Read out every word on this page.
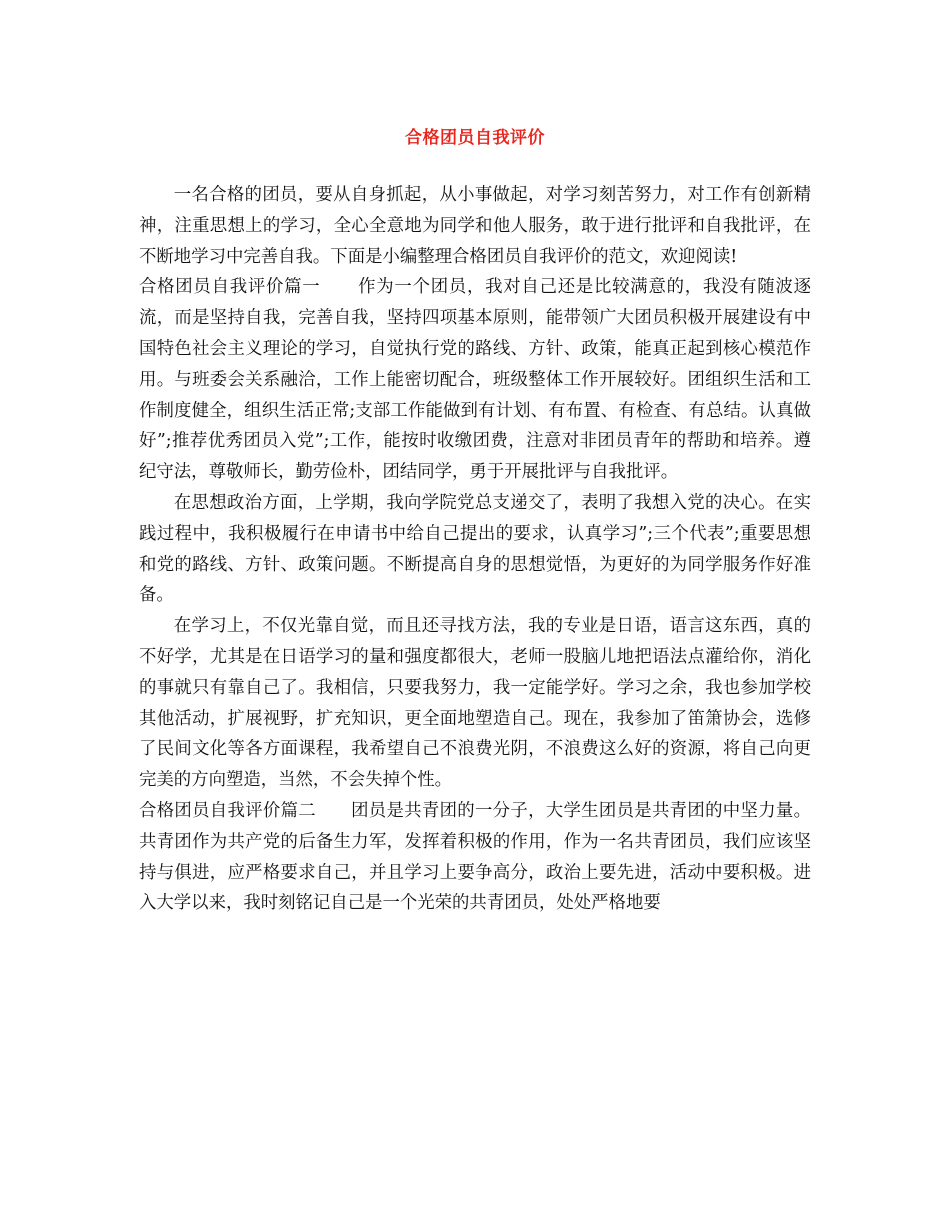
合格团员自我评价

一名合格的团员，要从自身抓起，从小事做起，对学习刻苦努力，对工作有创新精神，注重思想上的学习，全心全意地为同学和他人服务，敢于进行批评和自我批评，在不断地学习中完善自我。下面是小编整理合格团员自我评价的范文，欢迎阅读!

合格团员自我评价篇一 作为一个团员，我对自己还是比较满意的，我没有随波逐流，而是坚持自我，完善自我，坚持四项基本原则，能带领广大团员积极开展建设有中国特色社会主义理论的学习，自觉执行党的路线、方针、政策，能真正起到核心模范作用。与班委会关系融洽，工作上能密切配合，班级整体工作开展较好。团组织生活和工作制度健全，组织生活正常;支部工作能做到有计划、有布置、有检查、有总结。认真做好”;推荐优秀团员入党”;工作，能按时收缴团费，注意对非团员青年的帮助和培养。遵纪守法，尊敬师长，勤劳俭朴，团结同学，勇于开展批评与自我批评。

在思想政治方面，上学期，我向学院党总支递交了，表明了我想入党的决心。在实践过程中，我积极履行在申请书中给自己提出的要求，认真学习”;三个代表”;重要思想和党的路线、方针、政策问题。不断提高自身的思想觉悟，为更好的为同学服务作好准备。

在学习上，不仅光靠自觉，而且还寻找方法，我的专业是日语，语言这东西，真的不好学，尤其是在日语学习的量和强度都很大，老师一股脑儿地把语法点灌给你，消化的事就只有靠自己了。我相信，只要我努力，我一定能学好。学习之余，我也参加学校其他活动，扩展视野，扩充知识，更全面地塑造自己。现在，我参加了笛箫协会，选修了民间文化等各方面课程，我希望自己不浪费光阴，不浪费这么好的资源，将自己向更完美的方向塑造，当然，不会失掉个性。

合格团员自我评价篇二 团员是共青团的一分子，大学生团员是共青团的中坚力量。共青团作为共产党的后备生力军，发挥着积极的作用，作为一名共青团员，我们应该坚持与俱进，应严格要求自己，并且学习上要争高分，政治上要先进，活动中要积极。进入大学以来，我时刻铭记自己是一个光荣的共青团员，处处严格地要
